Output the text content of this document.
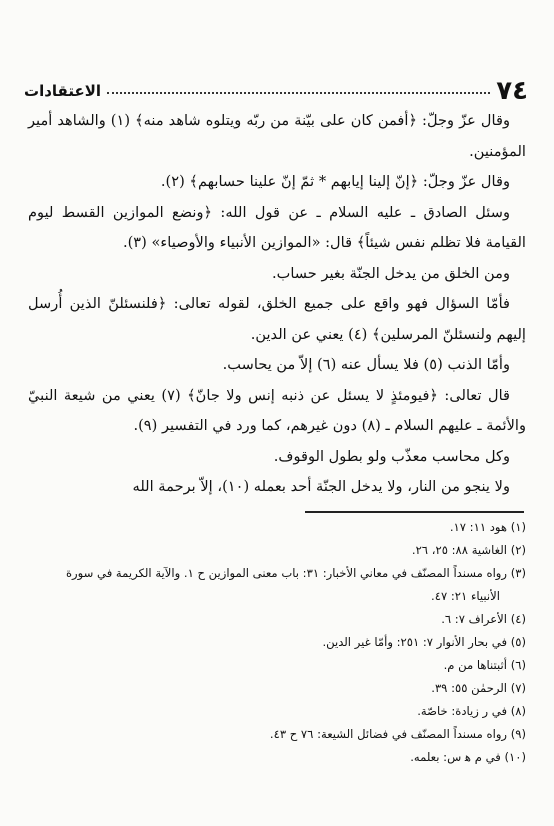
الاعتقادات	٧٤

وقال عزّ وجلّ: ﴿أفمن كان على بيّنة من ربّه ويتلوه شاهد منه﴾ (١) والشاهد أمير المؤمنين.

وقال عزّ وجلّ: ﴿إنّ إلينا إيابهم * ثمّ إنّ علينا حسابهم﴾ (٢).

وسئل الصادق ـ عليه السلام ـ عن قول الله: ﴿ونضع الموازين القسط ليوم القيامة فلا تظلم نفس شيئاً﴾ قال: «الموازين الأنبياء والأوصياء» (٣).

ومن الخلق من يدخل الجنّة بغير حساب.

فأمّا السؤال فهو واقع على جميع الخلق، لقوله تعالى: ﴿فلنسئلنّ الذين أُرسل إليهم ولنسئلنّ المرسلين﴾ (٤) يعني عن الدين.

وأمّا الذنب (٥) فلا يسأل عنه (٦) إلاّ من يحاسب.

قال تعالى: ﴿فيومئذٍ لا يسئل عن ذنبه إنس ولا جانّ﴾ (٧) يعني من شيعة النبيّ والأئمة ـ عليهم السلام ـ (٨) دون غيرهم، كما ورد في التفسير (٩).

وكل محاسب معذّب ولو بطول الوقوف.

ولا ينجو من النار، ولا يدخل الجنّة أحد بعمله (١٠)، إلاّ برحمة الله

(١) هود ١١: ١٧.

(٢) الغاشية ٨٨: ٢٥، ٢٦.

(٣) رواه مسنداً المصنّف في معاني الأخبار: ٣١: باب معنى الموازين ح ١. والآية الكريمة في سورة

الأنبياء ٢١: ٤٧.

(٤) الأعراف ٧: ٦.

(٥) في بحار الأنوار ٧: ٢٥١: وأمّا غير الدين.

(٦) أثبتناها من م.

(٧) الرحمٰن ٥٥: ٣٩.

(٨) في ر زيادة: خاصّة.

(٩) رواه مسنداً المصنّف في فضائل الشيعة: ٧٦ ح ٤٣.

(١٠) في م ﻫ س: بعلمه.
